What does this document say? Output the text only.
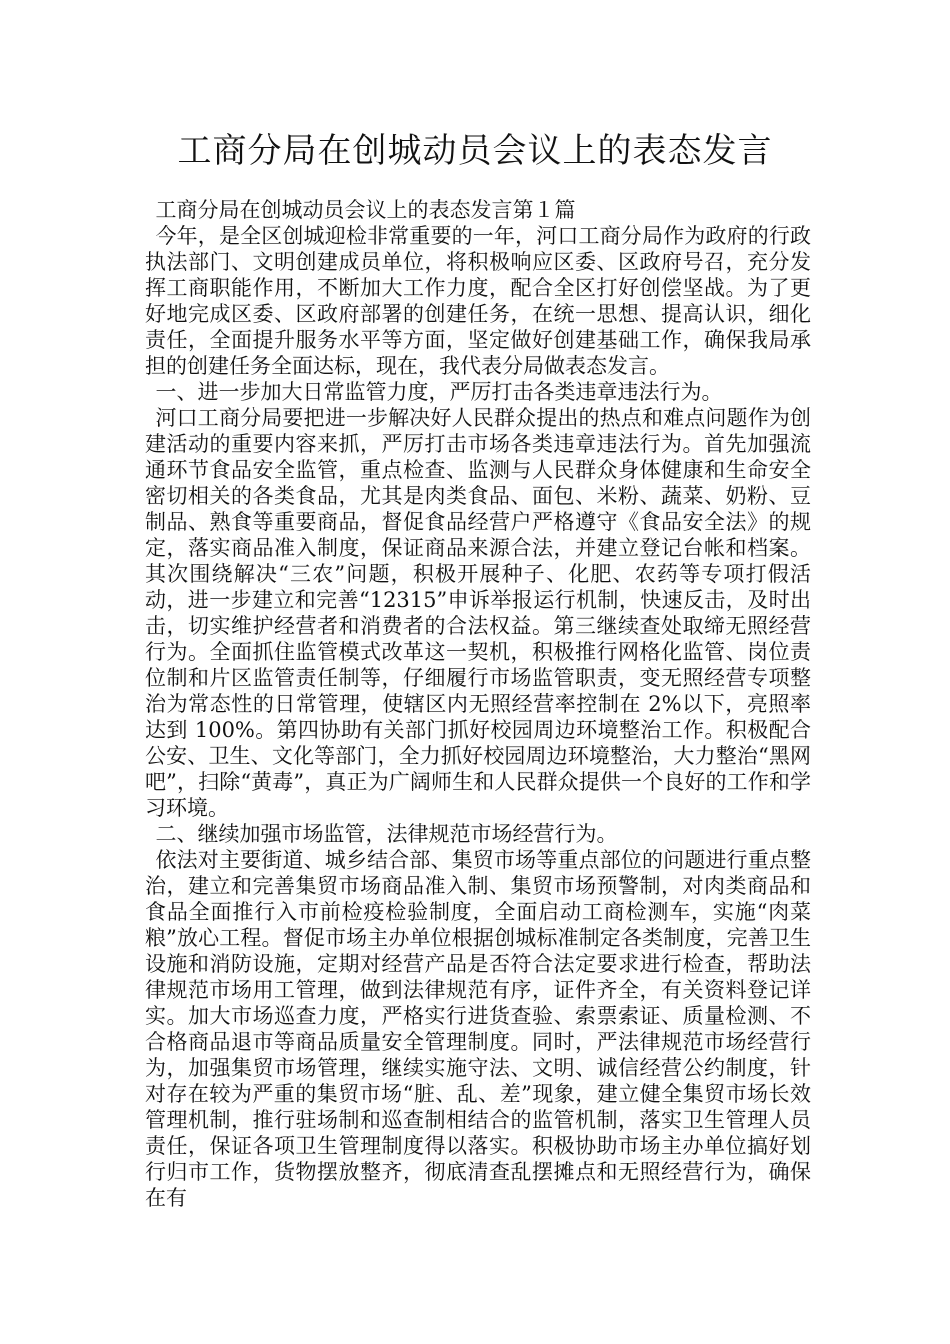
工商分局在创城动员会议上的表态发言

工商分局在创城动员会议上的表态发言第１篇

今年，是全区创城迎检非常重要的一年，河口工商分局作为政府的行政执法部门、文明创建成员单位，将积极响应区委、区政府号召，充分发挥工商职能作用，不断加大工作力度，配合全区打好创偿坚战。为了更好地完成区委、区政府部署的创建任务，在统一思想、提高认识，细化责任，全面提升服务水平等方面，坚定做好创建基础工作，确保我局承担的创建任务全面达标，现在，我代表分局做表态发言。

一、进一步加大日常监管力度，严厉打击各类违章违法行为。

河口工商分局要把进一步解决好人民群众提出的热点和难点问题作为创建活动的重要内容来抓，严厉打击市场各类违章违法行为。首先加强流通环节食品安全监管，重点检查、监测与人民群众身体健康和生命安全密切相关的各类食品，尤其是肉类食品、面包、米粉、蔬菜、奶粉、豆制品、熟食等重要商品，督促食品经营户严格遵守《食品安全法》的规定，落实商品准入制度，保证商品来源合法，并建立登记台帐和档案。其次围绕解决“三农”问题，积极开展种子、化肥、农药等专项打假活动，进一步建立和完善“12315”申诉举报运行机制，快速反击，及时出击，切实维护经营者和消费者的合法权益。第三继续查处取缔无照经营行为。全面抓住监管模式改革这一契机，积极推行网格化监管、岗位责位制和片区监管责任制等，仔细履行市场监管职责，变无照经营专项整治为常态性的日常管理，使辖区内无照经营率控制在 2%以下，亮照率达到 100%。第四协助有关部门抓好校园周边环境整治工作。积极配合公安、卫生、文化等部门，全力抓好校园周边环境整治，大力整治“黑网吧”，扫除“黄毒”，真正为广阔师生和人民群众提供一个良好的工作和学习环境。

二、继续加强市场监管，法律规范市场经营行为。

依法对主要街道、城乡结合部、集贸市场等重点部位的问题进行重点整治，建立和完善集贸市场商品准入制、集贸市场预警制，对肉类商品和食品全面推行入市前检疫检验制度，全面启动工商检测车，实施“肉菜粮”放心工程。督促市场主办单位根据创城标准制定各类制度，完善卫生设施和消防设施，定期对经营产品是否符合法定要求进行检查，帮助法律规范市场用工管理，做到法律规范有序，证件齐全，有关资料登记详实。加大市场巡查力度，严格实行进货查验、索票索证、质量检测、不合格商品退市等商品质量安全管理制度。同时，严法律规范市场经营行为，加强集贸市场管理，继续实施守法、文明、诚信经营公约制度，针对存在较为严重的集贸市场“脏、乱、差”现象，建立健全集贸市场长效管理机制，推行驻场制和巡查制相结合的监管机制，落实卫生管理人员责任，保证各项卫生管理制度得以落实。积极协助市场主办单位搞好划行归市工作，货物摆放整齐，彻底清查乱摆摊点和无照经营行为，确保在有
